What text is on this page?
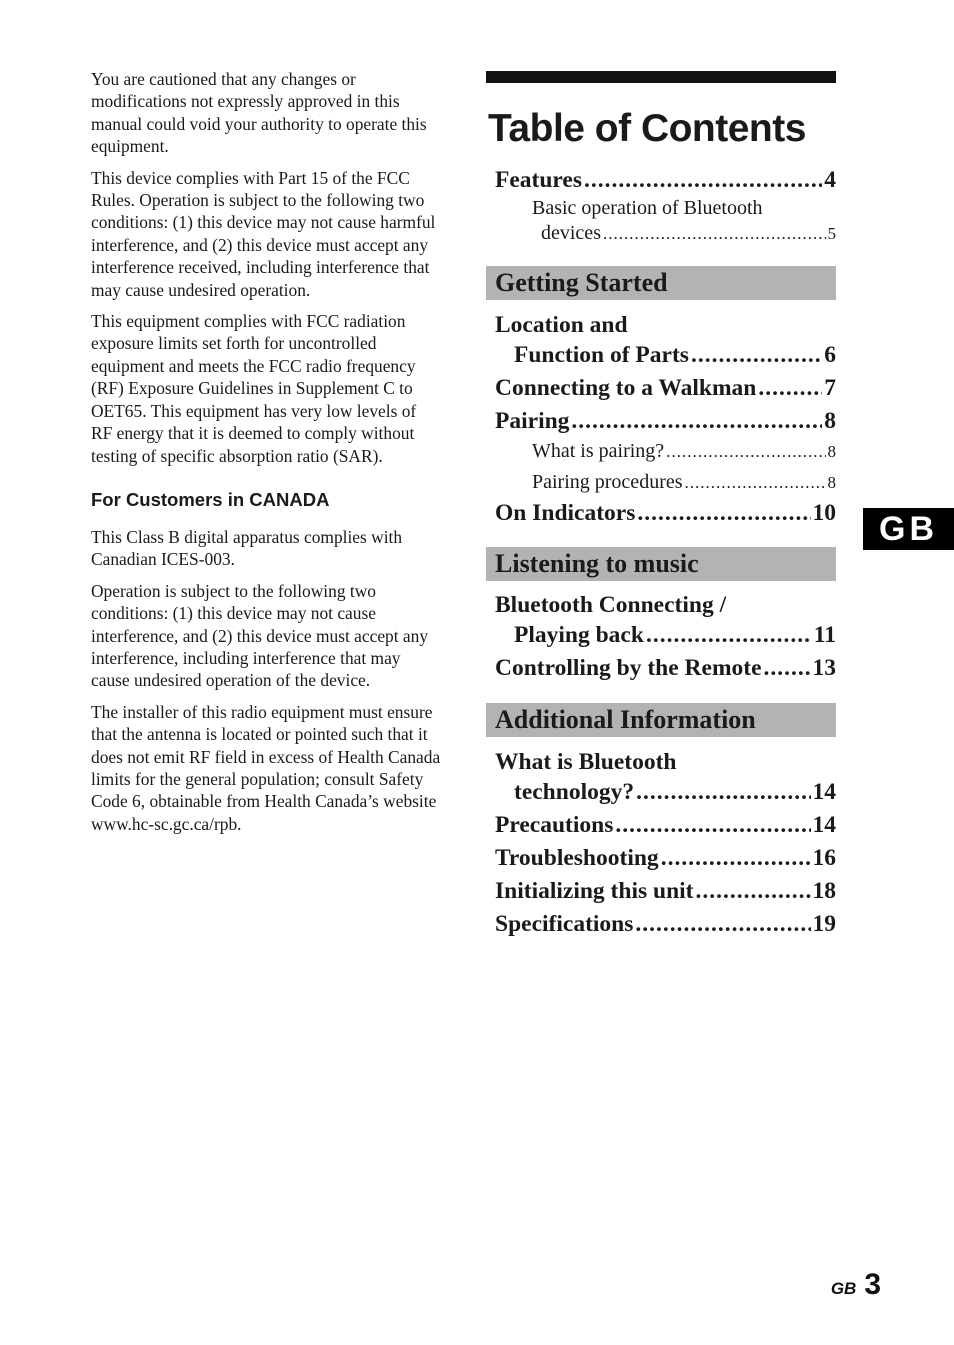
You are cautioned that any changes or modifications not expressly approved in this manual could void your authority to operate this equipment.

This device complies with Part 15 of the FCC Rules. Operation is subject to the following two conditions: (1) this device may not cause harmful interference, and (2) this device must accept any interference received, including interference that may cause undesired operation.

This equipment complies with FCC radiation exposure limits set forth for uncontrolled equipment and meets the FCC radio frequency (RF) Exposure Guidelines in Supplement C to OET65. This equipment has very low levels of RF energy that it is deemed to comply without testing of specific absorption ratio (SAR).

For Customers in CANADA

This Class B digital apparatus complies with Canadian ICES-003.

Operation is subject to the following two conditions: (1) this device may not cause interference, and (2) this device must accept any interference, including interference that may cause undesired operation of the device.

The installer of this radio equipment must ensure that the antenna is located or pointed such that it does not emit RF field in excess of Health Canada limits for the general population; consult Safety Code 6, obtainable from Health Canada’s website www.hc-sc.gc.ca/rpb.

Table of Contents
Features .....	4
Basic operation of Bluetooth
devices .....	5
Getting Started
Location and
Function of Parts .....	6
Connecting to a Walkman .....	7
Pairing .....	8
What is pairing? .....	8
Pairing procedures .....	8
On Indicators .....	10
Listening to music
Bluetooth Connecting /
Playing back .....	11
Controlling by the Remote ..... 13
Additional Information
What is Bluetooth
technology? .....	14
Precautions .....	14
Troubleshooting .....	16
Initializing this unit .....	18
Specifications .....	19
GB
GB 3
